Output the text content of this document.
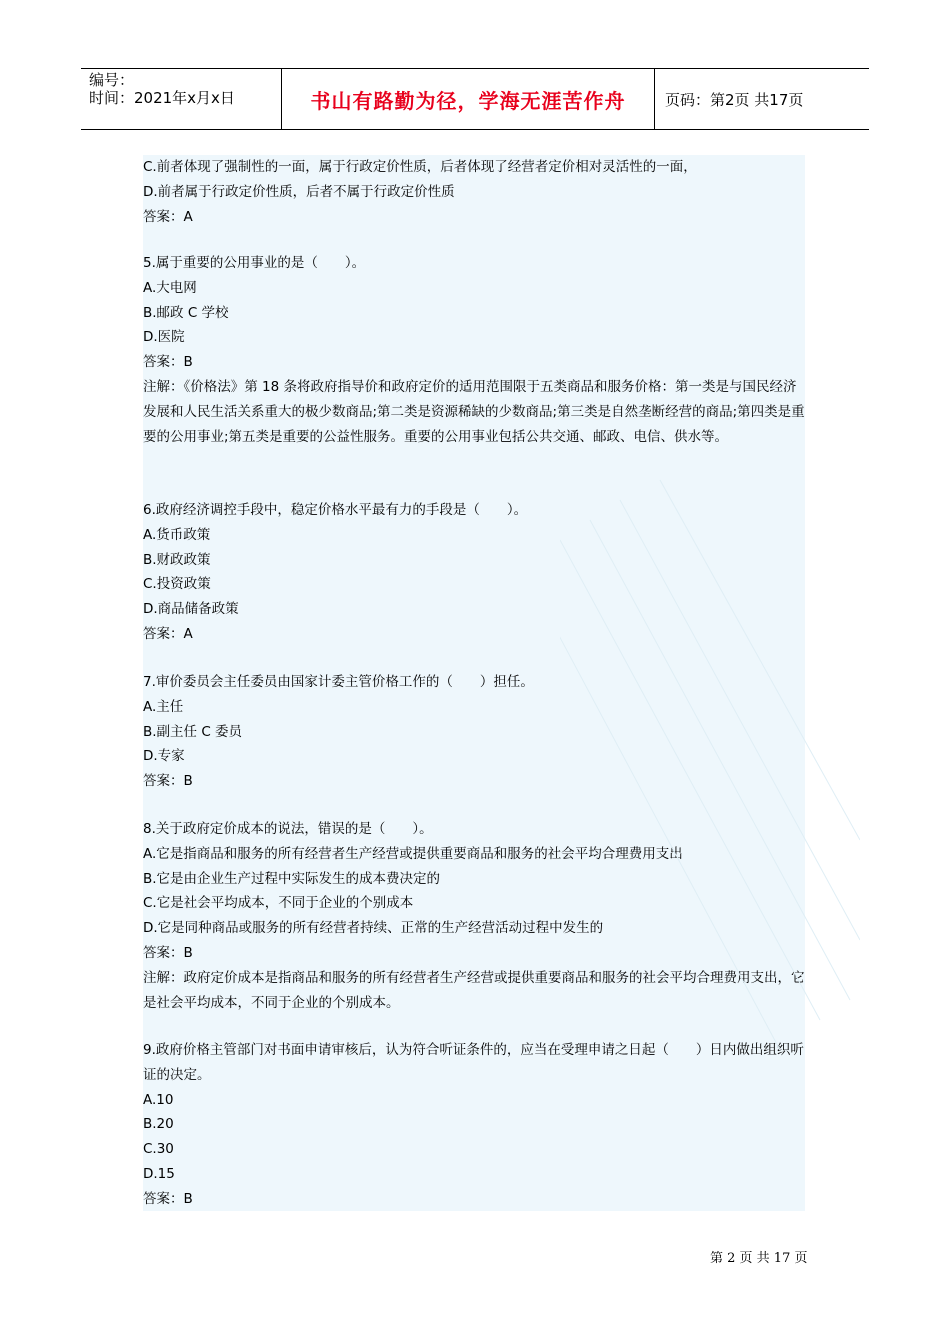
编号：
时间：2021年x月x日	书山有路勤为径，学海无涯苦作舟	页码：第2页 共17页
C.前者体现了强制性的一面，属于行政定价性质，后者体现了经营者定价相对灵活性的一面，
D.前者属于行政定价性质，后者不属于行政定价性质
答案：A
5.属于重要的公用事业的是（　　）。
A.大电网
B.邮政 C 学校
D.医院
答案：B
注解：《价格法》第 18 条将政府指导价和政府定价的适用范围限于五类商品和服务价格：第一类是与国民经济发展和人民生活关系重大的极少数商品;第二类是资源稀缺的少数商品;第三类是自然垄断经营的商品;第四类是重要的公用事业;第五类是重要的公益性服务。重要的公用事业包括公共交通、邮政、电信、供水等。
6.政府经济调控手段中，稳定价格水平最有力的手段是（　　）。
A.货币政策
B.财政政策
C.投资政策
D.商品储备政策
答案：A
7.审价委员会主任委员由国家计委主管价格工作的（　　）担任。
A.主任
B.副主任 C 委员
D.专家
答案：B
8.关于政府定价成本的说法，错误的是（　　）。
A.它是指商品和服务的所有经营者生产经营或提供重要商品和服务的社会平均合理费用支出
B.它是由企业生产过程中实际发生的成本费决定的
C.它是社会平均成本，不同于企业的个别成本
D.它是同种商品或服务的所有经营者持续、正常的生产经营活动过程中发生的
答案：B
注解：政府定价成本是指商品和服务的所有经营者生产经营或提供重要商品和服务的社会平均合理费用支出，它是社会平均成本，不同于企业的个别成本。
9.政府价格主管部门对书面申请审核后，认为符合听证条件的，应当在受理申请之日起（　　）日内做出组织听证的决定。
A.10
B.20
C.30
D.15
答案：B
第 2 页 共 17 页
